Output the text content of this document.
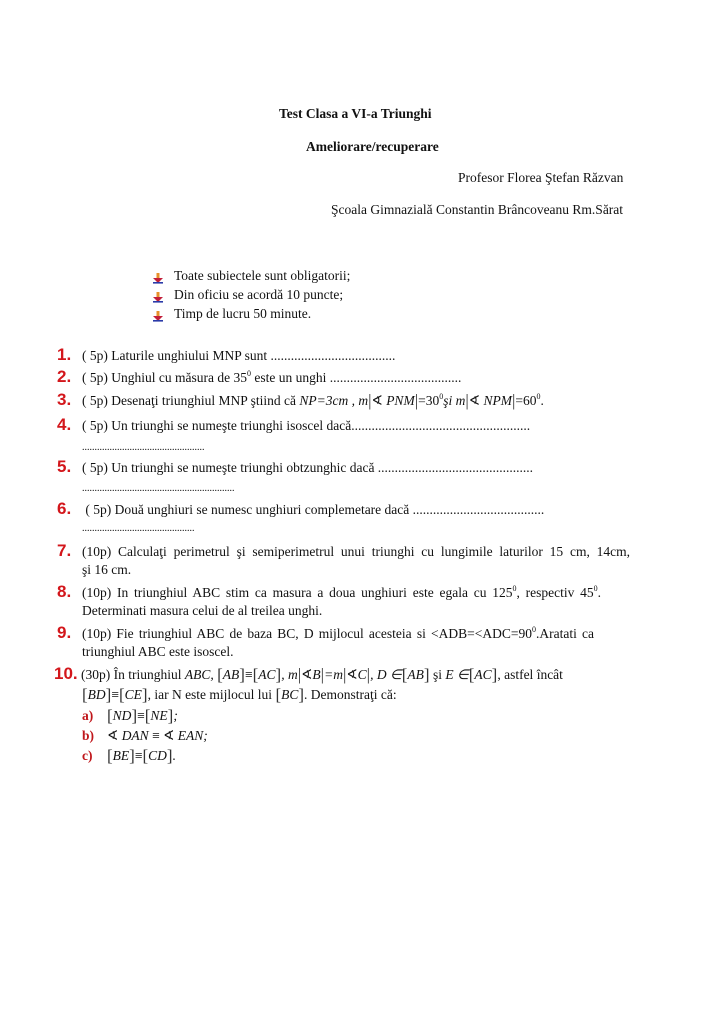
Test Clasa a VI-a Triunghi
Ameliorare/recuperare
Profesor Florea Ştefan Răzvan
Şcoala Gimnazială Constantin Brâncoveanu Rm.Sărat
Toate subiectele sunt obligatorii;
Din oficiu se acordă 10 puncte;
Timp de lucru 50 minute.
1. ( 5p) Laturile unghiului MNP sunt .....................................
2. ( 5p) Unghiul cu măsura de $35^0$ este un unghi .......................................
3. ( 5p) Desenaţi triunghiul MNP ştiind că NP=3cm , m|∢ $PNM|=30^0şi$ m|∢ $NPM|=60^0$.
4. ( 5p) Un triunghi se numeşte triunghi isoscel dacă.....................................................
.................................................
5. ( 5p) Un triunghi se numeşte triunghi obtzunghic dacă ..............................................
.............................................................
6. ( 5p) Două unghiuri se numesc unghiuri complemetare dacă .......................................
.............................................
7. (10p) Calculaţi perimetrul şi semiperimetrul unui triunghi cu lungimile laturilor 15 cm, 14cm,
şi 16 cm.
8. (10p) In triunghiul ABC stim ca masura a doua unghiuri este egala cu $125^0$, respectiv $45^0$.
Determinati masura celui de al treilea unghi.
9. (10p) Fie triunghiul ABC de baza BC, D mijlocul acesteia si $<ADB=<ADC=90^0.Aratati$ ca
triunghiul ABC este isoscel.
10. (30p) În triunghiul ABC, [AB]≡[AC], m|∢B|=m|∢C|, D ∈[AB] şi E ∈[AC], astfel încât
[BD]≡[CE], iar N este mijlocul lui [BC]. Demonstraţi că:
a) [ND]≡[NE];
b) ∢ DAN ≡ ∢ EAN;
c) [BE]≡[CD].
